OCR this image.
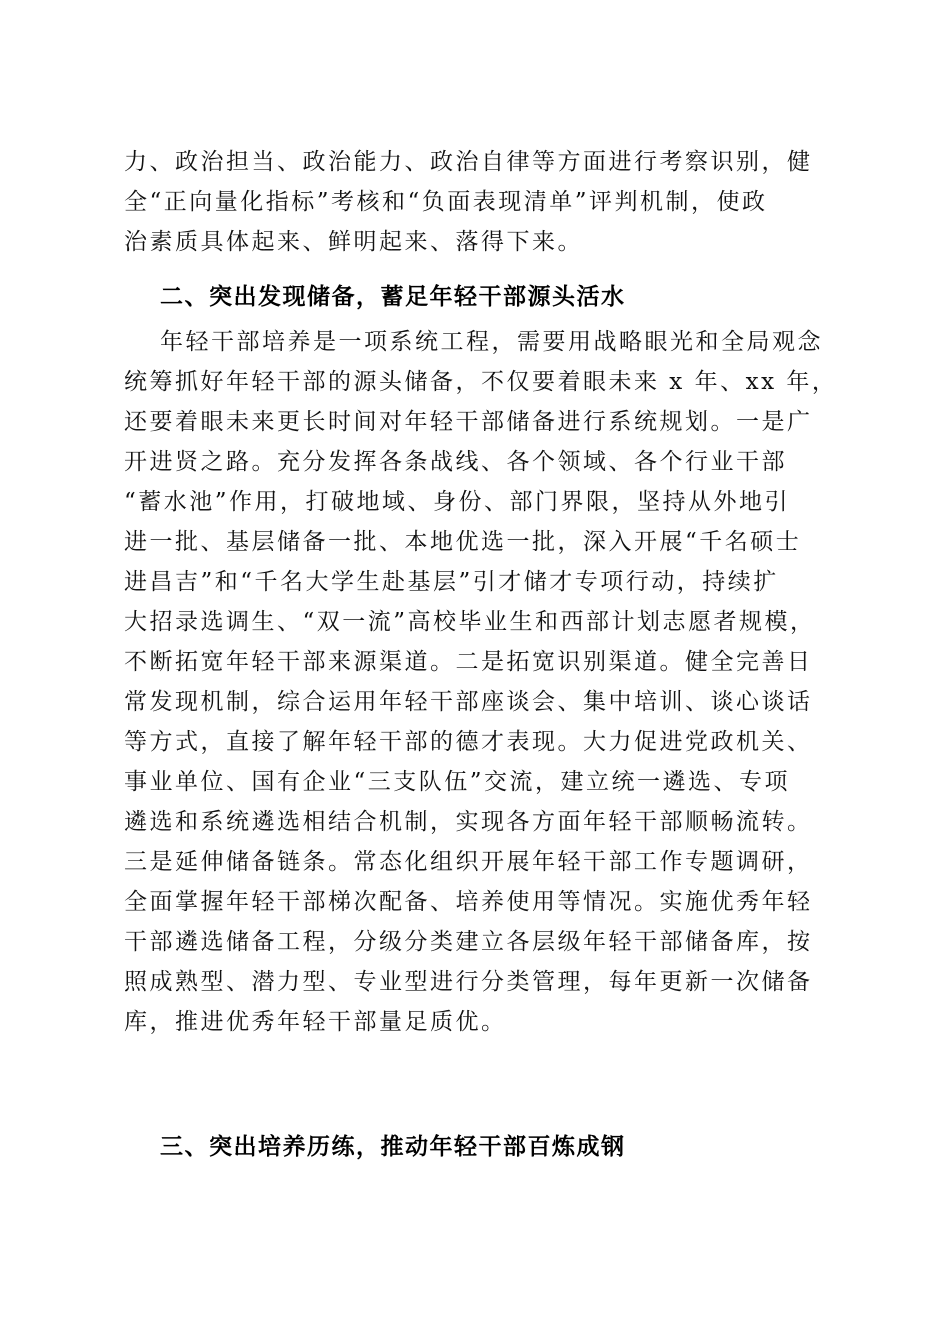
力、政治担当、政治能力、政治自律等方面进行考察识别，健
全“正向量化指标”考核和“负面表现清单”评判机制，使政
治素质具体起来、鲜明起来、落得下来。
二、突出发现储备，蓄足年轻干部源头活水
年轻干部培养是一项系统工程，需要用战略眼光和全局观念
统筹抓好年轻干部的源头储备，不仅要着眼未来 x 年、xx 年，
还要着眼未来更长时间对年轻干部储备进行系统规划。一是广
开进贤之路。充分发挥各条战线、各个领域、各个行业干部
“蓄水池”作用，打破地域、身份、部门界限，坚持从外地引
进一批、基层储备一批、本地优选一批，深入开展“千名硕士
进昌吉”和“千名大学生赴基层”引才储才专项行动，持续扩
大招录选调生、“双一流”高校毕业生和西部计划志愿者规模，
不断拓宽年轻干部来源渠道。二是拓宽识别渠道。健全完善日
常发现机制，综合运用年轻干部座谈会、集中培训、谈心谈话
等方式，直接了解年轻干部的德才表现。大力促进党政机关、
事业单位、国有企业“三支队伍”交流，建立统一遴选、专项
遴选和系统遴选相结合机制，实现各方面年轻干部顺畅流转。
三是延伸储备链条。常态化组织开展年轻干部工作专题调研，
全面掌握年轻干部梯次配备、培养使用等情况。实施优秀年轻
干部遴选储备工程，分级分类建立各层级年轻干部储备库，按
照成熟型、潜力型、专业型进行分类管理，每年更新一次储备
库，推进优秀年轻干部量足质优。
三、突出培养历练，推动年轻干部百炼成钢
